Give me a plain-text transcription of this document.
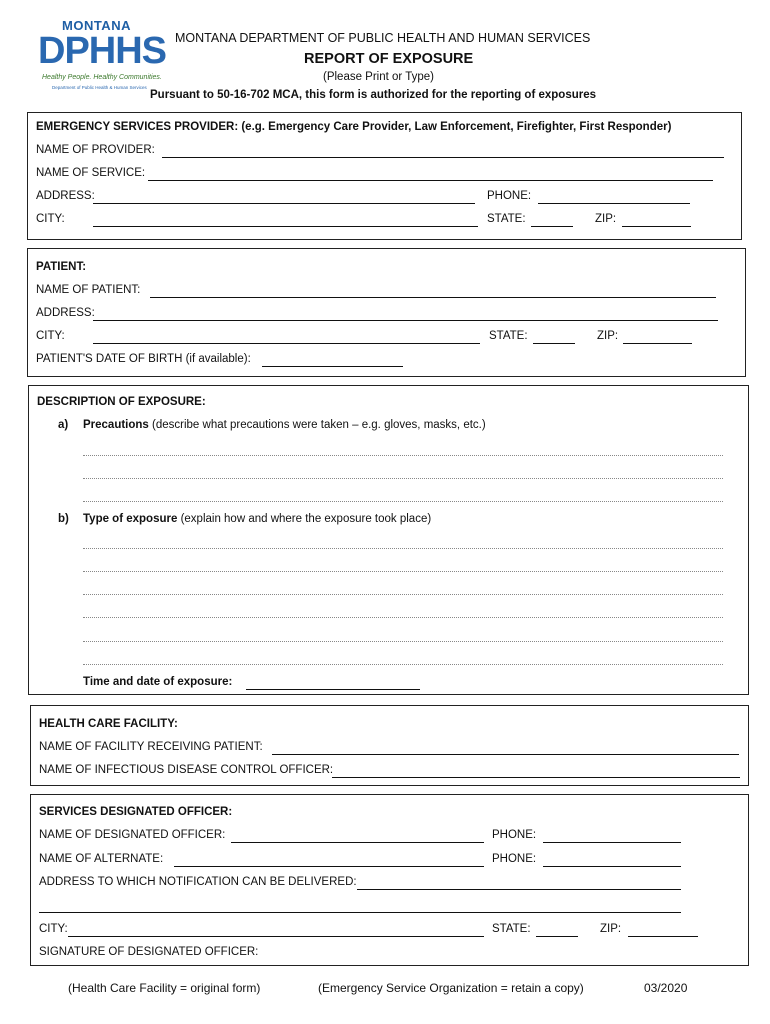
MONTANA
DPHHS
Healthy People. Healthy Communities.
Department of Public Health & Human Services
MONTANA DEPARTMENT OF PUBLIC HEALTH AND HUMAN SERVICES
REPORT OF EXPOSURE
(Please Print or Type)
Pursuant to 50-16-702 MCA, this form is authorized for the reporting of exposures
EMERGENCY SERVICES PROVIDER: (e.g. Emergency Care Provider, Law Enforcement, Firefighter, First Responder)
NAME OF PROVIDER:
NAME OF SERVICE:
ADDRESS:	PHONE:
CITY:	STATE:	ZIP:
PATIENT:
NAME OF PATIENT:
ADDRESS:
CITY:	STATE:	ZIP:
PATIENT'S DATE OF BIRTH (if available):
DESCRIPTION OF EXPOSURE:
a) Precautions (describe what precautions were taken – e.g. gloves, masks, etc.)
b) Type of exposure (explain how and where the exposure took place)
Time and date of exposure:
HEALTH CARE FACILITY:
NAME OF FACILITY RECEIVING PATIENT:
NAME OF INFECTIOUS DISEASE CONTROL OFFICER:
SERVICES DESIGNATED OFFICER:
NAME OF DESIGNATED OFFICER:	PHONE:
NAME OF ALTERNATE:	PHONE:
ADDRESS TO WHICH NOTIFICATION CAN BE DELIVERED:
CITY:	STATE:	ZIP:
SIGNATURE OF DESIGNATED OFFICER:
(Health Care Facility = original form)	(Emergency Service Organization = retain a copy)	03/2020
